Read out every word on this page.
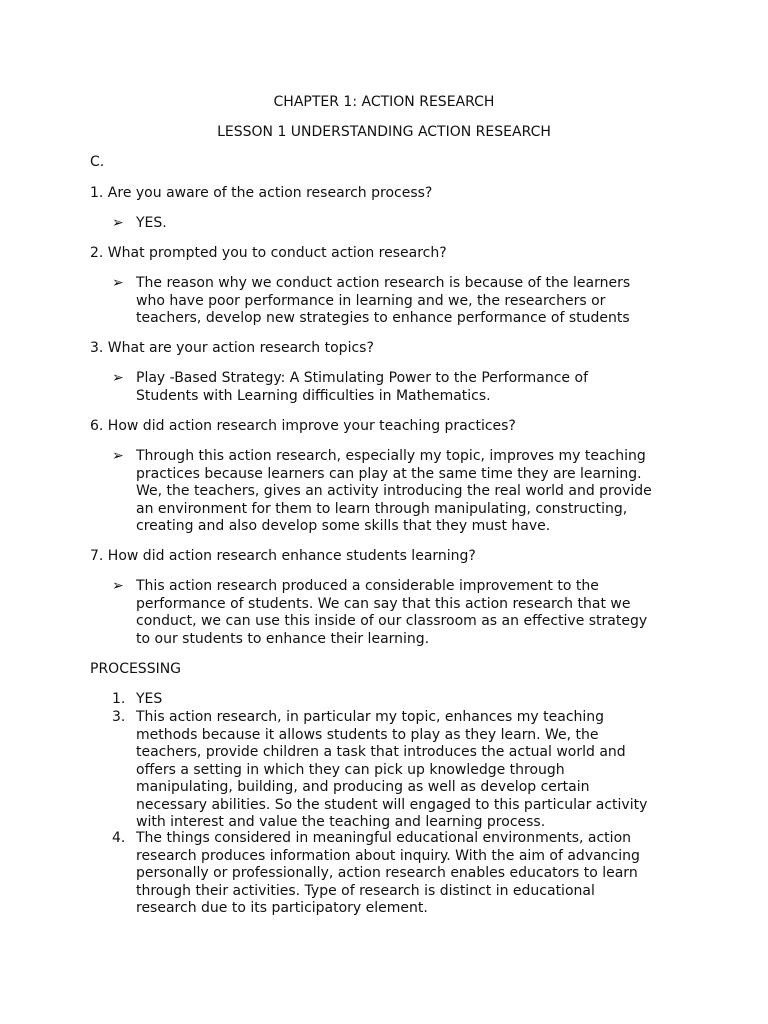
CHAPTER 1: ACTION RESEARCH
LESSON 1 UNDERSTANDING ACTION RESEARCH
C.
1. Are you aware of the action research process?
➢ YES.
2. What prompted you to conduct action research?
➢ The reason why we conduct action research is because of the learners
who have poor performance in learning and we, the researchers or
teachers, develop new strategies to enhance performance of students
3. What are your action research topics?
➢ Play -Based Strategy: A Stimulating Power to the Performance of
Students with Learning difficulties in Mathematics.
6. How did action research improve your teaching practices?
➢ Through this action research, especially my topic, improves my teaching
practices because learners can play at the same time they are learning.
We, the teachers, gives an activity introducing the real world and provide
an environment for them to learn through manipulating, constructing,
creating and also develop some skills that they must have.
7. How did action research enhance students learning?
➢ This action research produced a considerable improvement to the
performance of students. We can say that this action research that we
conduct, we can use this inside of our classroom as an effective strategy
to our students to enhance their learning.
PROCESSING
1. YES
3. This action research, in particular my topic, enhances my teaching
methods because it allows students to play as they learn. We, the
teachers, provide children a task that introduces the actual world and
offers a setting in which they can pick up knowledge through
manipulating, building, and producing as well as develop certain
necessary abilities. So the student will engaged to this particular activity
with interest and value the teaching and learning process.
4. The things considered in meaningful educational environments, action
research produces information about inquiry. With the aim of advancing
personally or professionally, action research enables educators to learn
through their activities. Type of research is distinct in educational
research due to its participatory element.
